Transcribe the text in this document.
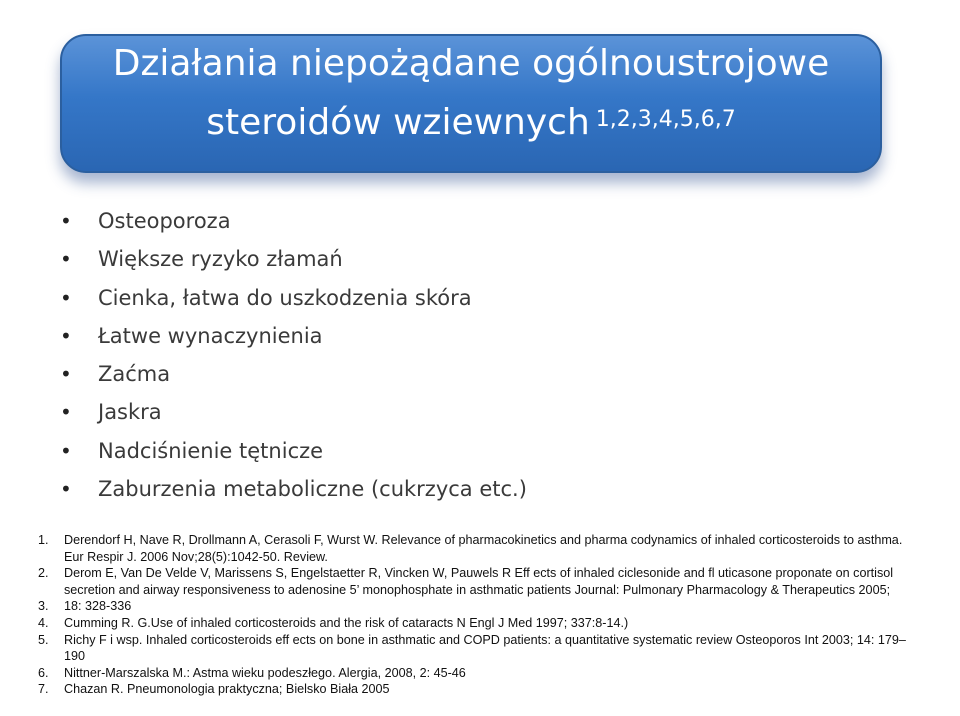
Działania niepożądane ogólnoustrojowe
steroidów wziewnych $^{1,2,3,4,5,6,7}$
• Osteoporoza
• Większe ryzyko złamań
• Cienka, łatwa do uszkodzenia skóra
• Łatwe wynaczynienia
• Zaćma
• Jaskra
• Nadciśnienie tętnicze
• Zaburzenia metaboliczne (cukrzyca etc.)
1. Derendorf H, Nave R, Drollmann A, Cerasoli F, Wurst W. Relevance of pharmacokinetics and pharma codynamics of inhaled corticosteroids to asthma. Eur Respir J. 2006 Nov;28(5):1042-50. Review.
2. Derom E, Van De Velde V, Marissens S, Engelstaetter R, Vincken W, Pauwels R Eff ects of inhaled ciclesonide and fl uticasone proponate on cortisol secretion and airway responsiveness to adenosine 5’ monophosphate in asthmatic patients Journal: Pulmonary Pharmacology & Therapeutics 2005;
3. 18: 328-336
4. Cumming R. G.Use of inhaled corticosteroids and the risk of cataracts N Engl J Med 1997; 337:8-14.)
5. Richy F i wsp. Inhaled corticosteroids eff ects on bone in asthmatic and COPD patients: a quantitative systematic review Osteoporos Int 2003; 14: 179–190
6. Nittner-Marszalska M.: Astma wieku podeszłego. Alergia, 2008, 2: 45-46
7. Chazan R. Pneumonologia praktyczna; Bielsko Biała 2005
